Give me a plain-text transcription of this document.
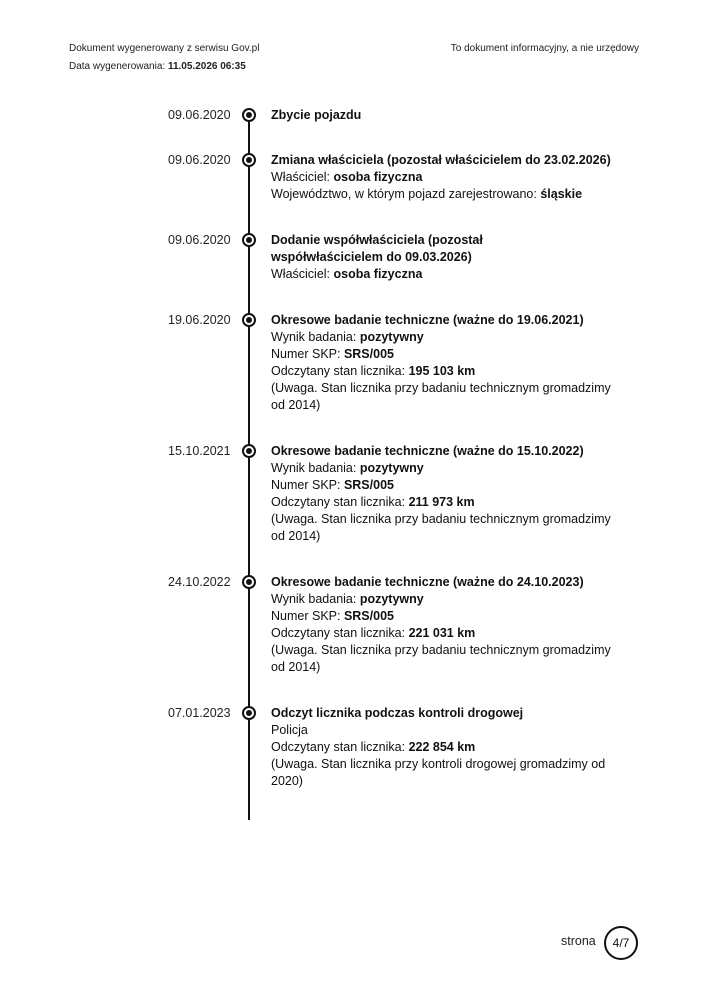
Dokument wygenerowany z serwisu Gov.pl
Data wygenerowania: 11.05.2026 06:35
To dokument informacyjny, a nie urzędowy
09.06.2020	Zbycie pojazdu
09.06.2020	Zmiana właściciela (pozostał właścicielem do 23.02.2026)
Właściciel: osoba fizyczna
Województwo, w którym pojazd zarejestrowano: śląskie
09.06.2020	Dodanie współwłaściciela (pozostał współwłaścicielem do 09.03.2026)
Właściciel: osoba fizyczna
19.06.2020	Okresowe badanie techniczne (ważne do 19.06.2021)
Wynik badania: pozytywny
Numer SKP: SRS/005
Odczytany stan licznika: 195 103 km
(Uwaga. Stan licznika przy badaniu technicznym gromadzimy od 2014)
15.10.2021	Okresowe badanie techniczne (ważne do 15.10.2022)
Wynik badania: pozytywny
Numer SKP: SRS/005
Odczytany stan licznika: 211 973 km
(Uwaga. Stan licznika przy badaniu technicznym gromadzimy od 2014)
24.10.2022	Okresowe badanie techniczne (ważne do 24.10.2023)
Wynik badania: pozytywny
Numer SKP: SRS/005
Odczytany stan licznika: 221 031 km
(Uwaga. Stan licznika przy badaniu technicznym gromadzimy od 2014)
07.01.2023	Odczyt licznika podczas kontroli drogowej
Policja
Odczytany stan licznika: 222 854 km
(Uwaga. Stan licznika przy kontroli drogowej gromadzimy od 2020)
strona	4/7
